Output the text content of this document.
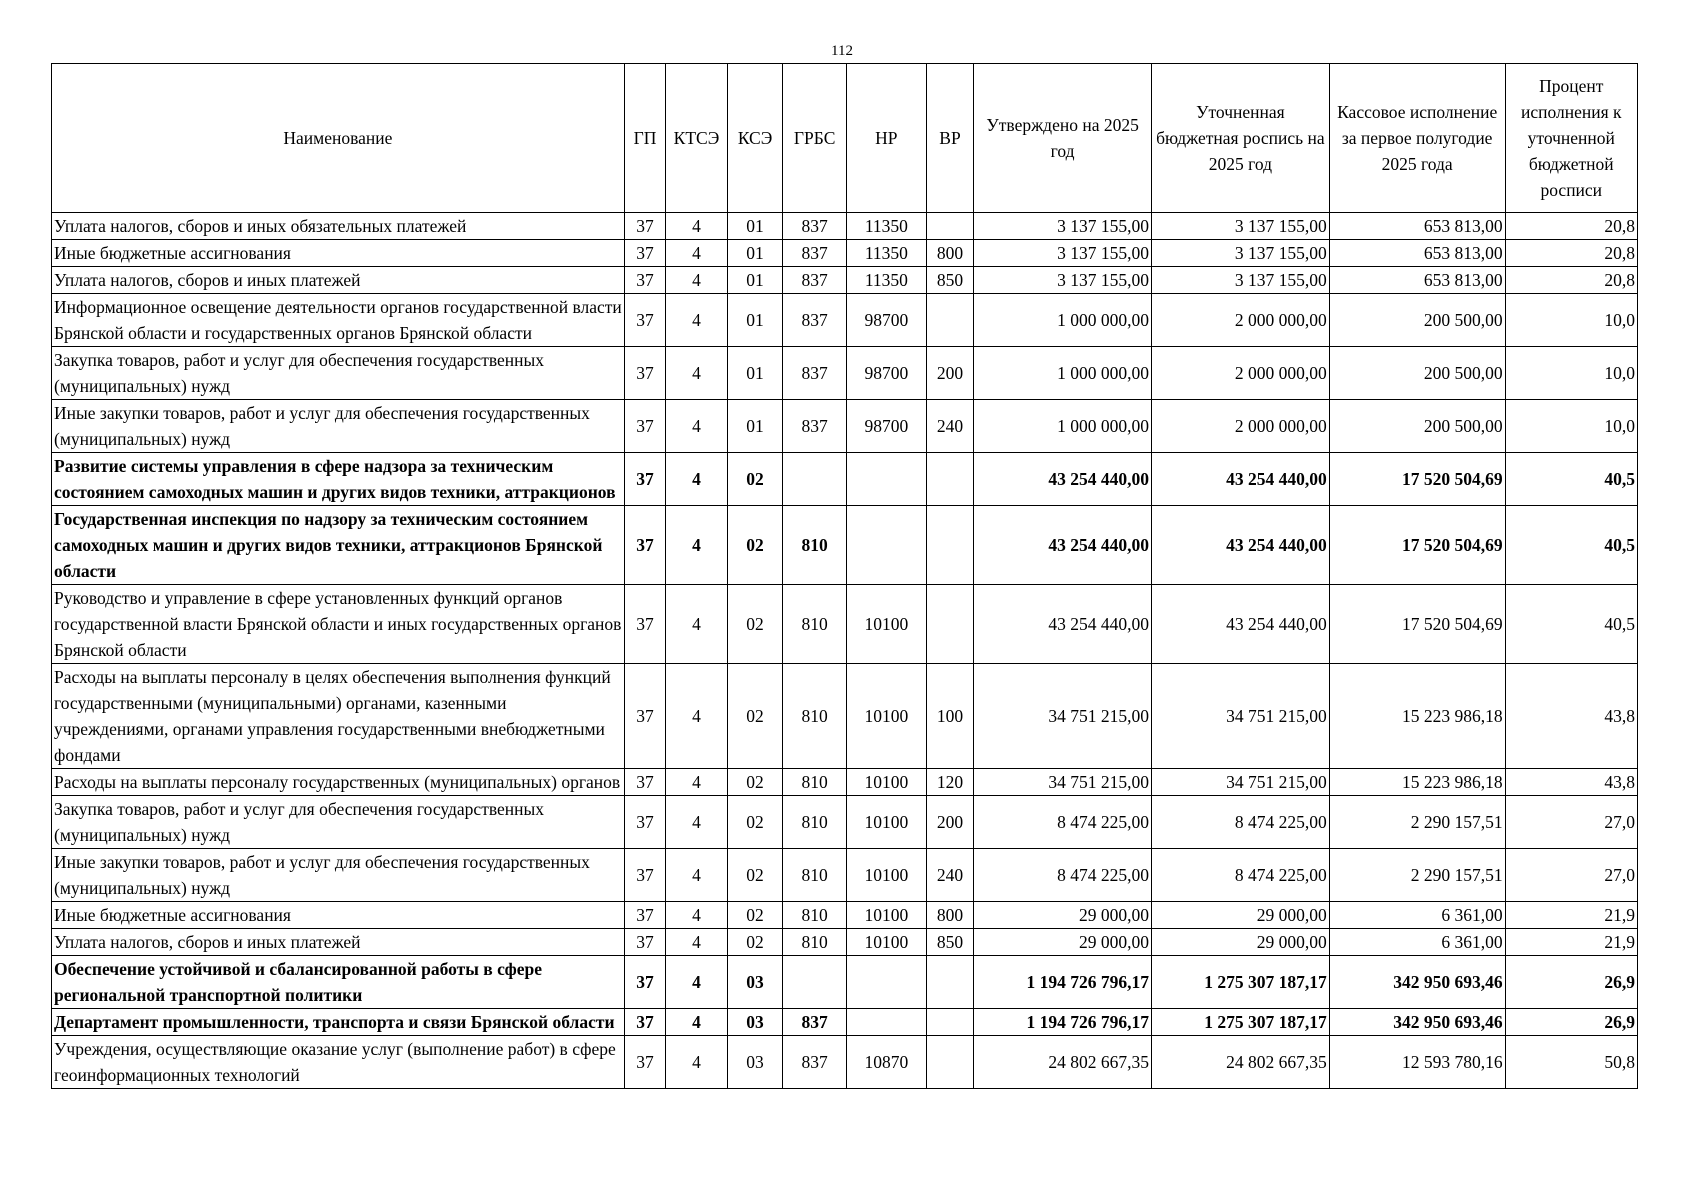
112
Наименование	ГП	КТСЭ	КСЭ	ГРБС	НР	ВР	Утверждено на 2025 год	Уточненная бюджетная роспись на 2025 год	Кассовое исполнение за первое полугодие 2025 года	Процент исполнения к уточненной бюджетной росписи
Уплата налогов, сборов и иных обязательных платежей	37	4	01	837	11350		3 137 155,00	3 137 155,00	653 813,00	20,8
Иные бюджетные ассигнования	37	4	01	837	11350	800	3 137 155,00	3 137 155,00	653 813,00	20,8
Уплата налогов, сборов и иных платежей	37	4	01	837	11350	850	3 137 155,00	3 137 155,00	653 813,00	20,8
Информационное освещение деятельности органов государственной власти Брянской области и государственных органов Брянской области	37	4	01	837	98700		1 000 000,00	2 000 000,00	200 500,00	10,0
Закупка товаров, работ и услуг для обеспечения государственных (муниципальных) нужд	37	4	01	837	98700	200	1 000 000,00	2 000 000,00	200 500,00	10,0
Иные закупки товаров, работ и услуг для обеспечения государственных (муниципальных) нужд	37	4	01	837	98700	240	1 000 000,00	2 000 000,00	200 500,00	10,0
Развитие системы управления в сфере надзора за техническим состоянием самоходных машин и других видов техники, аттракционов	37	4	02				43 254 440,00	43 254 440,00	17 520 504,69	40,5
Государственная инспекция по надзору за техническим состоянием самоходных машин и других видов техники, аттракционов Брянской области	37	4	02	810			43 254 440,00	43 254 440,00	17 520 504,69	40,5
Руководство и управление в сфере установленных функций органов государственной власти Брянской области и иных государственных органов Брянской области	37	4	02	810	10100		43 254 440,00	43 254 440,00	17 520 504,69	40,5
Расходы на выплаты персоналу в целях обеспечения выполнения функций государственными (муниципальными) органами, казенными учреждениями, органами управления государственными внебюджетными фондами	37	4	02	810	10100	100	34 751 215,00	34 751 215,00	15 223 986,18	43,8
Расходы на выплаты персоналу государственных (муниципальных) органов	37	4	02	810	10100	120	34 751 215,00	34 751 215,00	15 223 986,18	43,8
Закупка товаров, работ и услуг для обеспечения государственных (муниципальных) нужд	37	4	02	810	10100	200	8 474 225,00	8 474 225,00	2 290 157,51	27,0
Иные закупки товаров, работ и услуг для обеспечения государственных (муниципальных) нужд	37	4	02	810	10100	240	8 474 225,00	8 474 225,00	2 290 157,51	27,0
Иные бюджетные ассигнования	37	4	02	810	10100	800	29 000,00	29 000,00	6 361,00	21,9
Уплата налогов, сборов и иных платежей	37	4	02	810	10100	850	29 000,00	29 000,00	6 361,00	21,9
Обеспечение устойчивой и сбалансированной работы в сфере региональной транспортной политики	37	4	03				1 194 726 796,17	1 275 307 187,17	342 950 693,46	26,9
Департамент промышленности, транспорта и связи Брянской области	37	4	03	837			1 194 726 796,17	1 275 307 187,17	342 950 693,46	26,9
Учреждения, осуществляющие оказание услуг (выполнение работ) в сфере геоинформационных технологий	37	4	03	837	10870		24 802 667,35	24 802 667,35	12 593 780,16	50,8
